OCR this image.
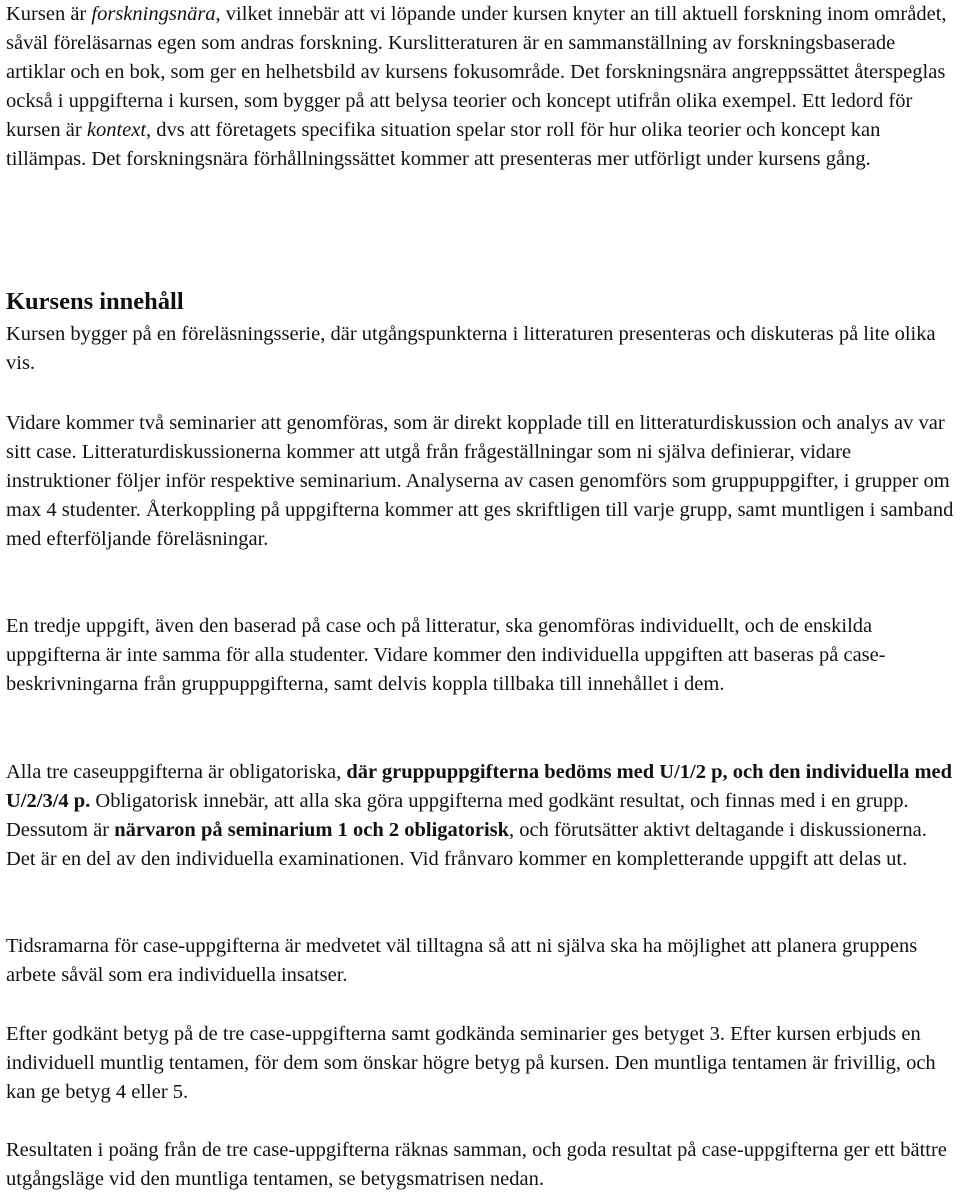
Kursen är forskningsnära, vilket innebär att vi löpande under kursen knyter an till aktuell forskning inom området, såväl föreläsarnas egen som andras forskning. Kurslitteraturen är en sammanställning av forskningsbaserade artiklar och en bok, som ger en helhetsbild av kursens fokusområde. Det forskningsnära angreppssättet återspeglas också i uppgifterna i kursen, som bygger på att belysa teorier och koncept utifrån olika exempel. Ett ledord för kursen är kontext, dvs att företagets specifika situation spelar stor roll för hur olika teorier och koncept kan tillämpas. Det forskningsnära förhållningssättet kommer att presenteras mer utförligt under kursens gång.

Kursens innehåll

Kursen bygger på en föreläsningsserie, där utgångspunkterna i litteraturen presenteras och diskuteras på lite olika vis.

Vidare kommer två seminarier att genomföras, som är direkt kopplade till en litteraturdiskussion och analys av var sitt case. Litteraturdiskussionerna kommer att utgå från frågeställningar som ni själva definierar, vidare instruktioner följer inför respektive seminarium. Analyserna av casen genomförs som gruppuppgifter, i grupper om max 4 studenter. Återkoppling på uppgifterna kommer att ges skriftligen till varje grupp, samt muntligen i samband med efterföljande föreläsningar.

En tredje uppgift, även den baserad på case och på litteratur, ska genomföras individuellt, och de enskilda uppgifterna är inte samma för alla studenter. Vidare kommer den individuella uppgiften att baseras på case-beskrivningarna från gruppuppgifterna, samt delvis koppla tillbaka till innehållet i dem.

Alla tre caseuppgifterna är obligatoriska, där gruppuppgifterna bedöms med U/1/2 p, och den individuella med U/2/3/4 p. Obligatorisk innebär, att alla ska göra uppgifterna med godkänt resultat, och finnas med i en grupp. Dessutom är närvaron på seminarium 1 och 2 obligatorisk, och förutsätter aktivt deltagande i diskussionerna. Det är en del av den individuella examinationen. Vid frånvaro kommer en kompletterande uppgift att delas ut.

Tidsramarna för case-uppgifterna är medvetet väl tilltagna så att ni själva ska ha möjlighet att planera gruppens arbete såväl som era individuella insatser.

Efter godkänt betyg på de tre case-uppgifterna samt godkända seminarier ges betyget 3. Efter kursen erbjuds en individuell muntlig tentamen, för dem som önskar högre betyg på kursen. Den muntliga tentamen är frivillig, och kan ge betyg 4 eller 5.

Resultaten i poäng från de tre case-uppgifterna räknas samman, och goda resultat på case-uppgifterna ger ett bättre utgångsläge vid den muntliga tentamen, se betygsmatrisen nedan.
